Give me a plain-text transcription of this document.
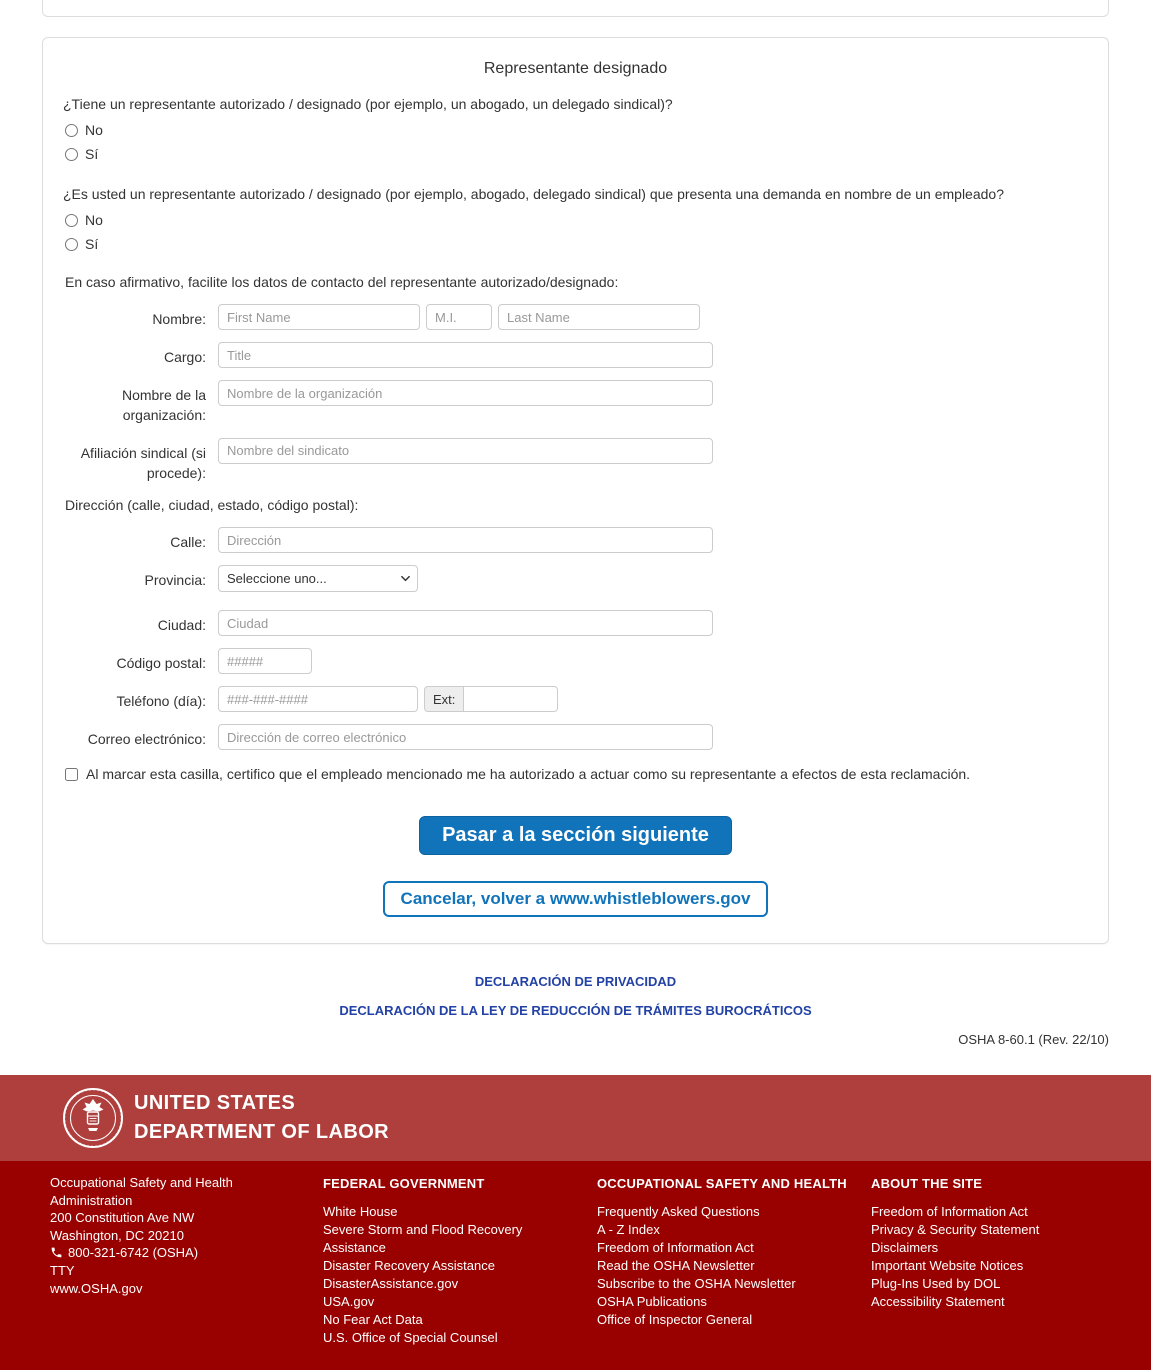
Representante designado
¿Tiene un representante autorizado / designado (por ejemplo, un abogado, un delegado sindical)?
No
Sí
¿Es usted un representante autorizado / designado (por ejemplo, abogado, delegado sindical) que presenta una demanda en nombre de un empleado?
No
Sí
En caso afirmativo, facilite los datos de contacto del representante autorizado/designado:
Nombre:
First Name
M.I.
Last Name
Cargo:
Title
Nombre de la organización:
Nombre de la organización
Afiliación sindical (si procede):
Nombre del sindicato
Dirección (calle, ciudad, estado, código postal):
Calle:
Dirección
Provincia:
Seleccione uno...
Ciudad:
Ciudad
Código postal:
#####
Teléfono (día):
###-###-####	Ext:
Correo electrónico:
Dirección de correo electrónico
Al marcar esta casilla, certifico que el empleado mencionado me ha autorizado a actuar como su representante a efectos de esta reclamación.
Pasar a la sección siguiente
Cancelar, volver a www.whistleblowers.gov
DECLARACIÓN DE PRIVACIDAD
DECLARACIÓN DE LA LEY DE REDUCCIÓN DE TRÁMITES BUROCRÁTICOS
OSHA 8-60.1 (Rev. 22/10)
UNITED STATES
DEPARTMENT OF LABOR
Occupational Safety and Health Administration
200 Constitution Ave NW
Washington, DC 20210
800-321-6742 (OSHA)
TTY
www.OSHA.gov
FEDERAL GOVERNMENT
White House
Severe Storm and Flood Recovery Assistance
Disaster Recovery Assistance
DisasterAssistance.gov
USA.gov
No Fear Act Data
U.S. Office of Special Counsel
OCCUPATIONAL SAFETY AND HEALTH
Frequently Asked Questions
A - Z Index
Freedom of Information Act
Read the OSHA Newsletter
Subscribe to the OSHA Newsletter
OSHA Publications
Office of Inspector General
ABOUT THE SITE
Freedom of Information Act
Privacy & Security Statement
Disclaimers
Important Website Notices
Plug-Ins Used by DOL
Accessibility Statement
